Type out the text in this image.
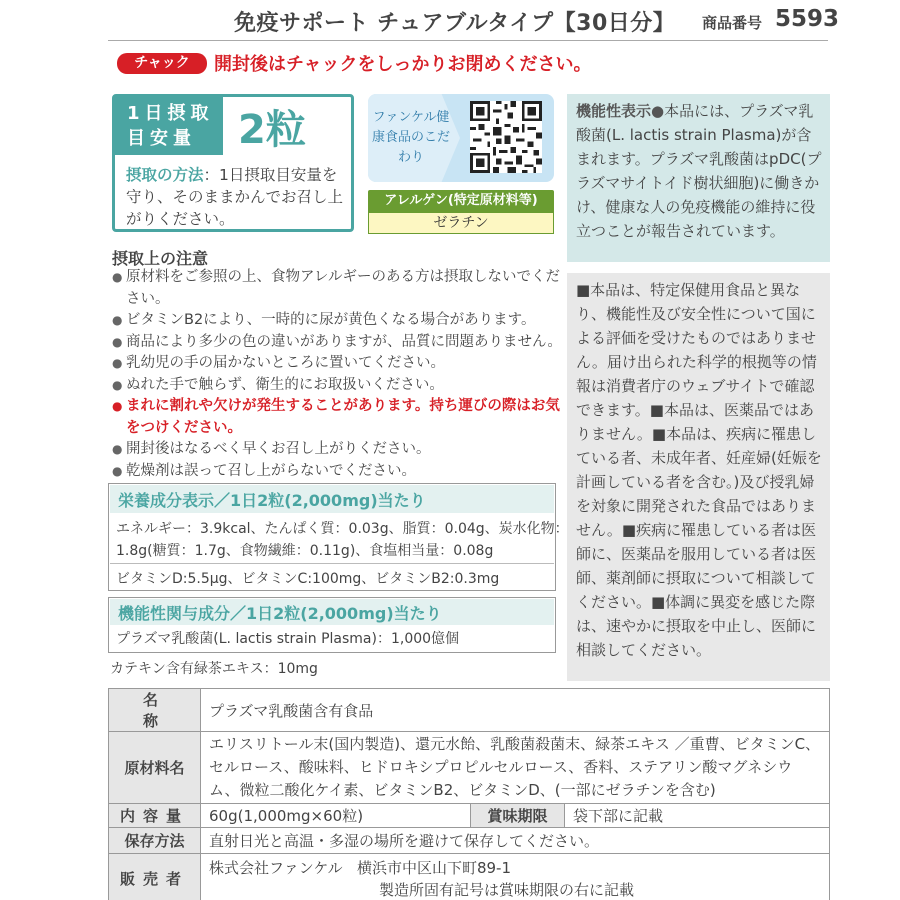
免疫サポート チュアブルタイプ【30日分】 商品番号 5593
チャック	開封後はチャックをしっかりお閉めください。
1日摂取目安量	2粒
摂取の方法：1日摂取目安量を守り、そのままかんでお召し上がりください。
ファンケル健康食品のこだわり
アレルゲン(特定原材料等)
ゼラチン
機能性表示●本品には、プラズマ乳酸菌(L. lactis strain Plasma)が含まれます。プラズマ乳酸菌はpDC(プラズマサイトイド樹状細胞)に働きかけ、健康な人の免疫機能の維持に役立つことが報告されています。
■本品は、特定保健用食品と異なり、機能性及び安全性について国による評価を受けたものではありません。届け出られた科学的根拠等の情報は消費者庁のウェブサイトで確認できます。■本品は、医薬品ではありません。■本品は、疾病に罹患している者、未成年者、妊産婦(妊娠を計画している者を含む。)及び授乳婦を対象に開発された食品ではありません。■疾病に罹患している者は医師に、医薬品を服用している者は医師、薬剤師に摂取について相談してください。■体調に異変を感じた際は、速やかに摂取を中止し、医師に相談してください。
摂取上の注意
● 原材料をご参照の上、食物アレルギーのある方は摂取しないでください。
● ビタミンB2により、一時的に尿が黄色くなる場合があります。
● 商品により多少の色の違いがありますが、品質に問題ありません。
● 乳幼児の手の届かないところに置いてください。
● ぬれた手で触らず、衛生的にお取扱いください。
● まれに割れや欠けが発生することがあります。持ち運びの際はお気をつけください。
● 開封後はなるべく早くお召し上がりください。
● 乾燥剤は誤って召し上がらないでください。
栄養成分表示／1日2粒(2,000mg)当たり
エネルギー：3.9kcal、たんぱく質：0.03g、脂質：0.04g、炭水化物：
1.8g(糖質：1.7g、食物繊維：0.11g)、食塩相当量：0.08g
ビタミンD:5.5μg、ビタミンC:100mg、ビタミンB2:0.3mg
機能性関与成分／1日2粒(2,000mg)当たり
プラズマ乳酸菌(L. lactis strain Plasma)：1,000億個
カテキン含有緑茶エキス：10mg
名称	プラズマ乳酸菌含有食品		
原材料名	エリスリトール末(国内製造)、還元水飴、乳酸菌殺菌末、緑茶エキス ／重曹、ビタミンC、セルロース、酸味料、ヒドロキシプロピルセルロース、香料、ステアリン酸マグネシウム、微粒二酸化ケイ素、ビタミンB2、ビタミンD、(一部にゼラチンを含む)		
内容量	60g(1,000mg×60粒)	賞味期限	袋下部に記載
保存方法	直射日光と高温・多湿の場所を避けて保存してください。		
販売者	株式会社ファンケル 横浜市中区山下町89-1
製造所固有記号は賞味期限の右に記載		
